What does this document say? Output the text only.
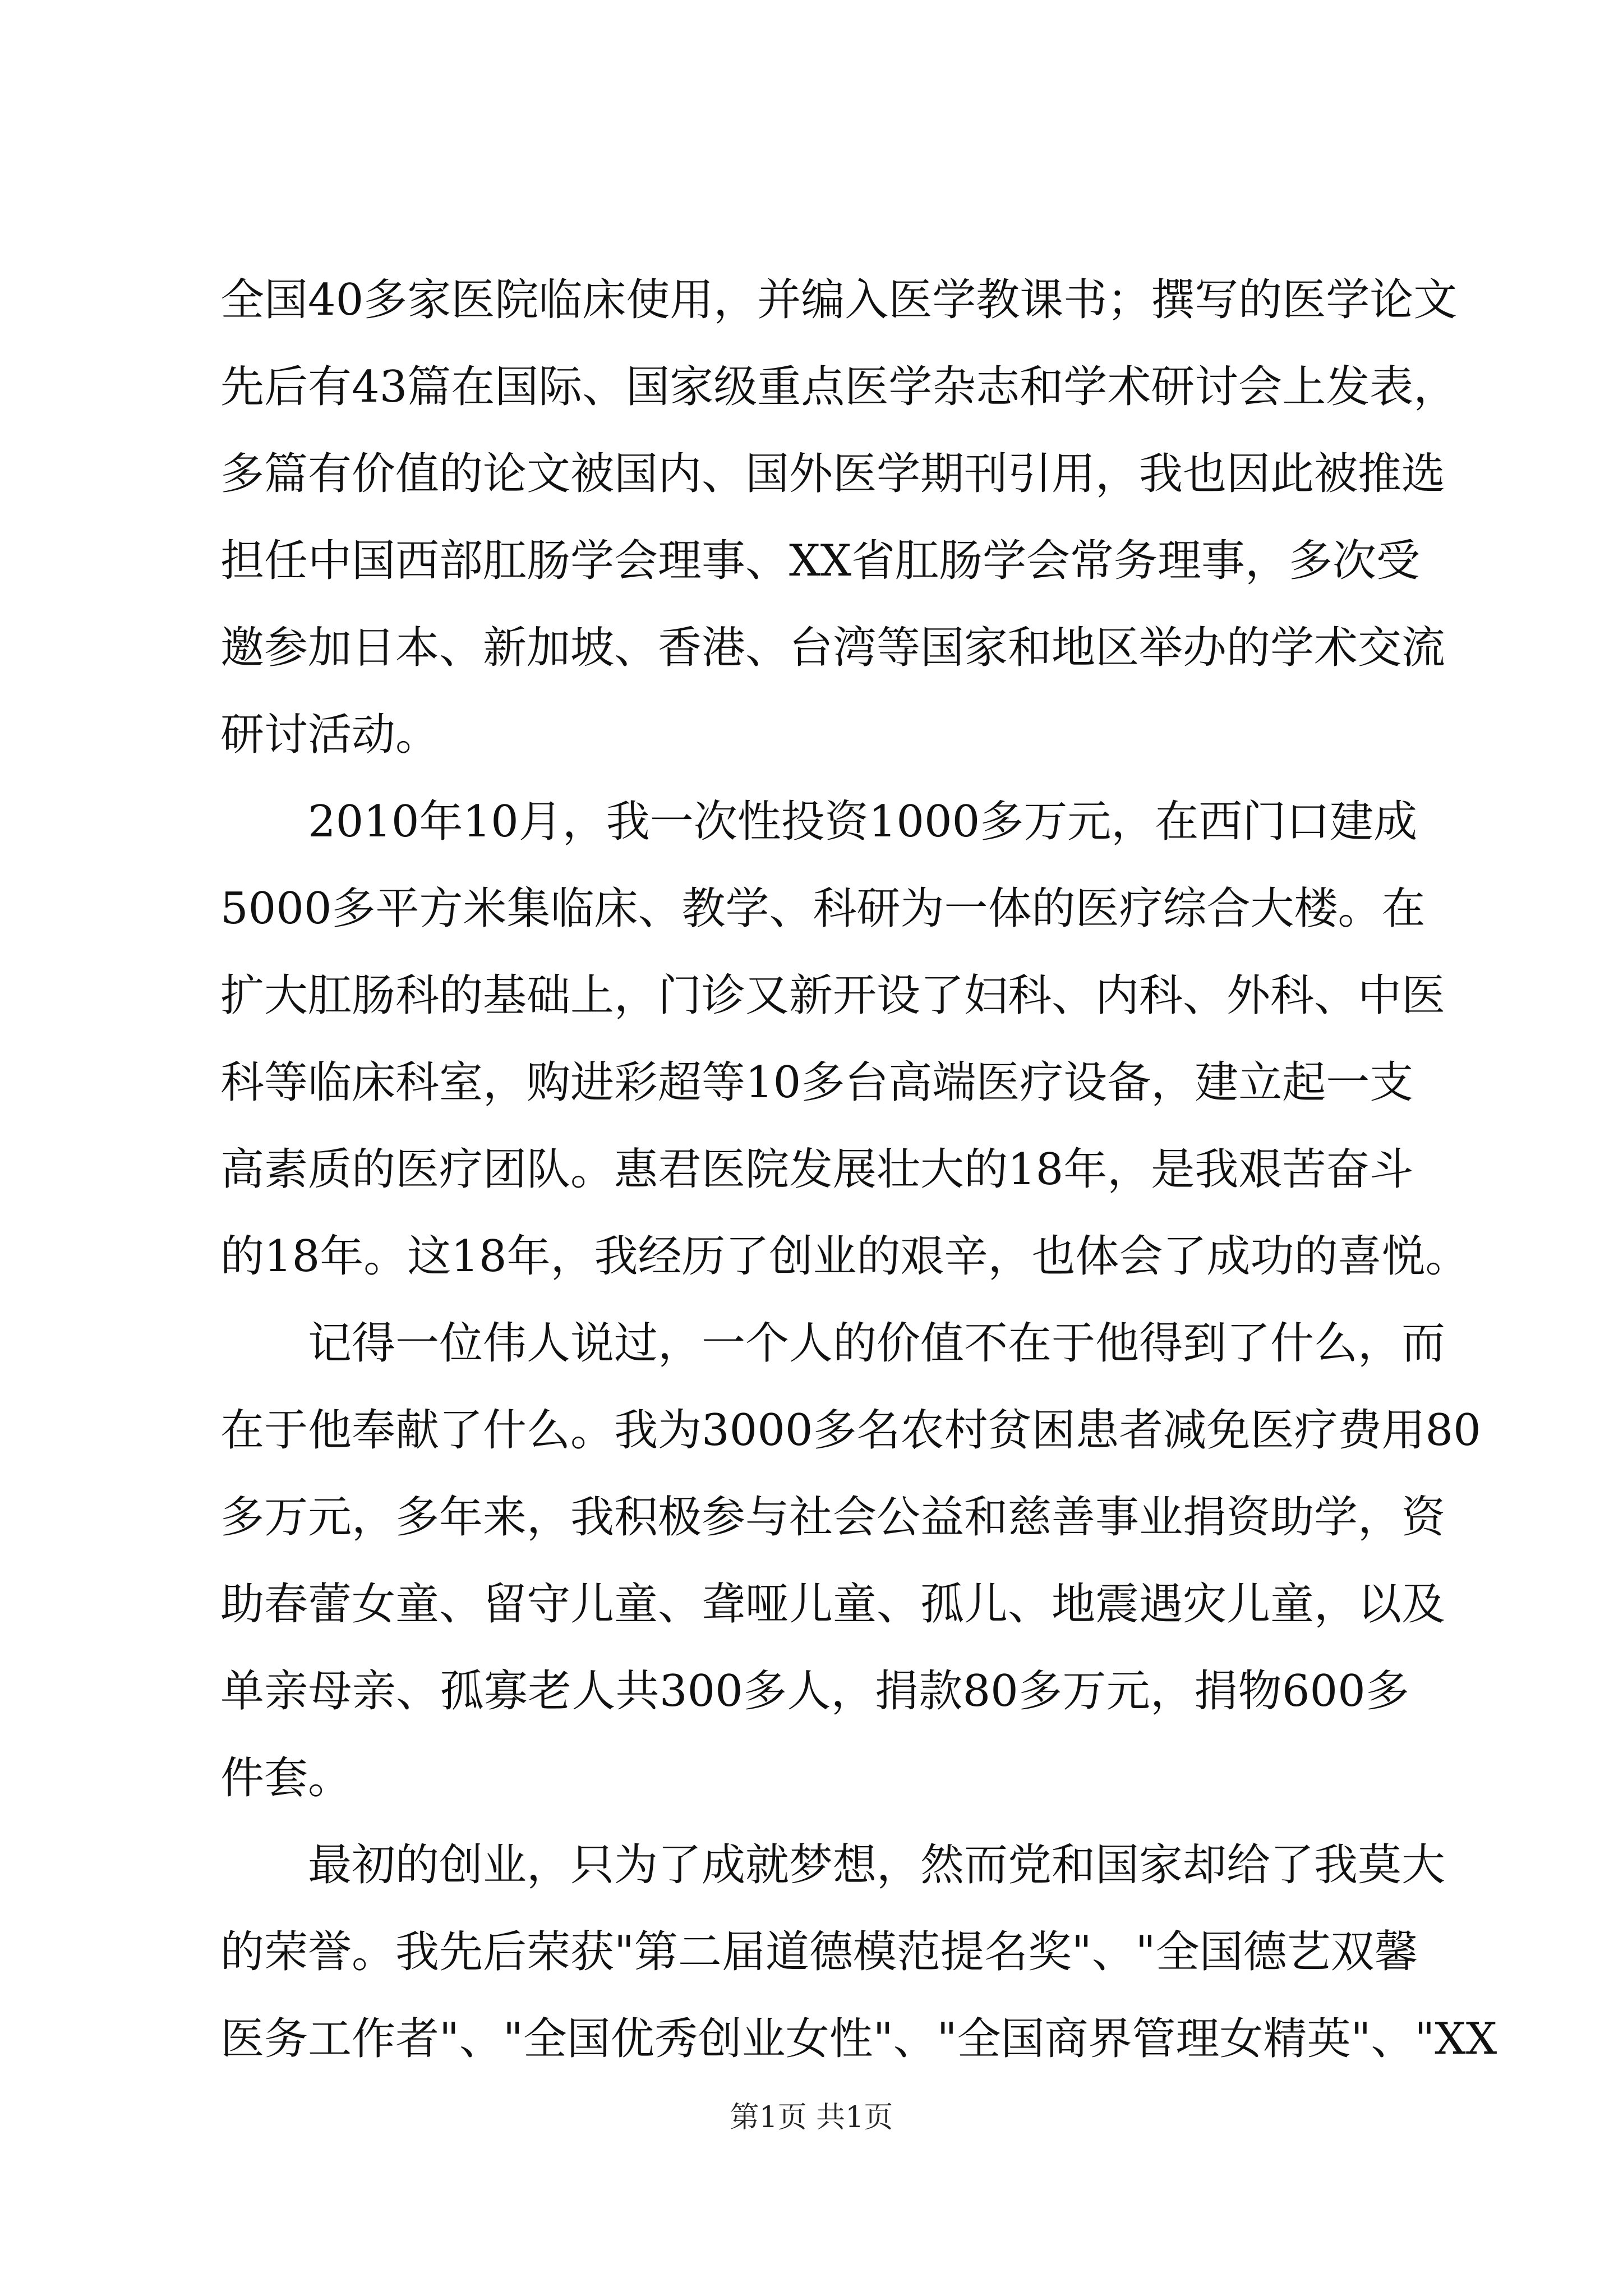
全国40多家医院临床使用，并编入医学教课书；撰写的医学论文
先后有43篇在国际、国家级重点医学杂志和学术研讨会上发表，
多篇有价值的论文被国内、国外医学期刊引用，我也因此被推选
担任中国西部肛肠学会理事、XX省肛肠学会常务理事，多次受
邀参加日本、新加坡、香港、台湾等国家和地区举办的学术交流
研讨活动。
2010年10月，我一次性投资1000多万元，在西门口建成
5000多平方米集临床、教学、科研为一体的医疗综合大楼。在
扩大肛肠科的基础上，门诊又新开设了妇科、内科、外科、中医
科等临床科室，购进彩超等10多台高端医疗设备，建立起一支
高素质的医疗团队。惠君医院发展壮大的18年，是我艰苦奋斗
的18年。这18年，我经历了创业的艰辛，也体会了成功的喜悦。
记得一位伟人说过，一个人的价值不在于他得到了什么，而
在于他奉献了什么。我为3000多名农村贫困患者减免医疗费用80
多万元，多年来，我积极参与社会公益和慈善事业捐资助学，资
助春蕾女童、留守儿童、聋哑儿童、孤儿、地震遇灾儿童，以及
单亲母亲、孤寡老人共300多人，捐款80多万元，捐物600多
件套。
最初的创业，只为了成就梦想，然而党和国家却给了我莫大
的荣誉。我先后荣获"第二届道德模范提名奖"、"全国德艺双馨
医务工作者"、"全国优秀创业女性"、"全国商界管理女精英"、"XX
第1页 共1页
